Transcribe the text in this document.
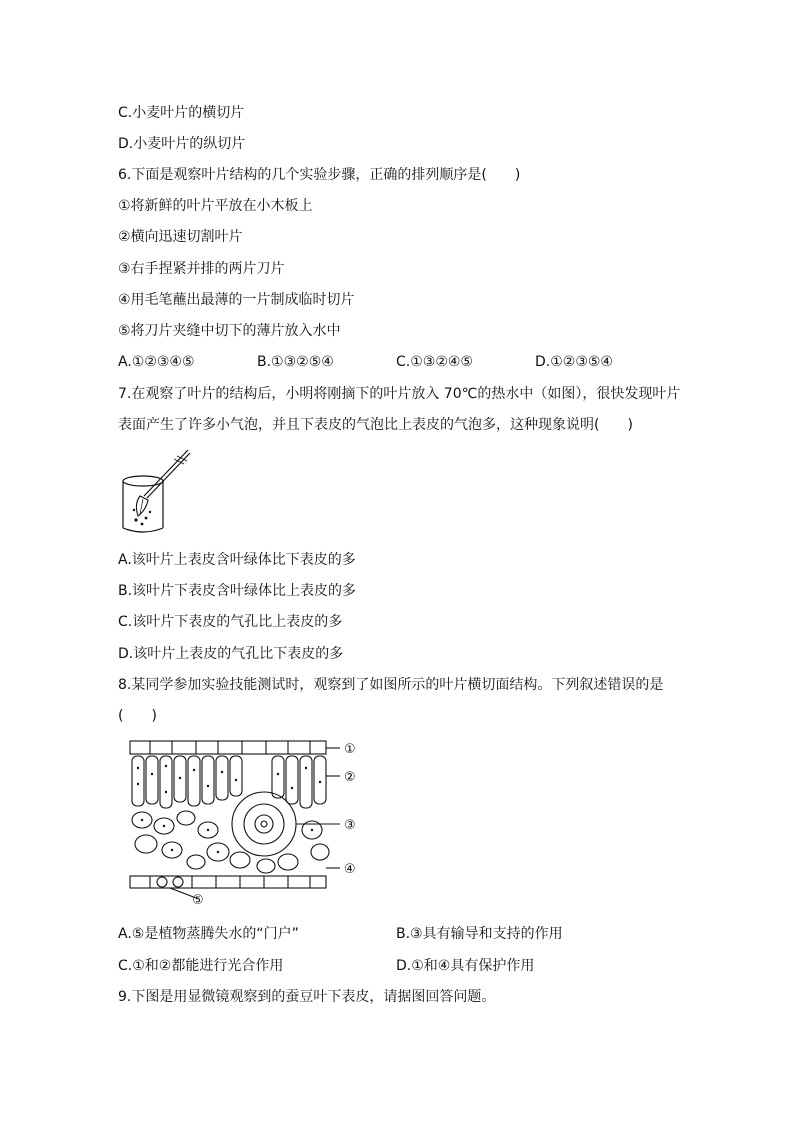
C.小麦叶片的横切片
D.小麦叶片的纵切片
6.下面是观察叶片结构的几个实验步骤，正确的排列顺序是(　　)
①将新鲜的叶片平放在小木板上
②横向迅速切割叶片
③右手捏紧并排的两片刀片
④用毛笔蘸出最薄的一片制成临时切片
⑤将刀片夹缝中切下的薄片放入水中
A.①②③④⑤	B.①③②⑤④	C.①③②④⑤	D.①②③⑤④
7.在观察了叶片的结构后，小明将刚摘下的叶片放入 70℃的热水中（如图），很快发现叶片
表面产生了许多小气泡，并且下表皮的气泡比上表皮的气泡多，这种现象说明(　　)
A.该叶片上表皮含叶绿体比下表皮的多
B.该叶片下表皮含叶绿体比上表皮的多
C.该叶片下表皮的气孔比上表皮的多
D.该叶片上表皮的气孔比下表皮的多
8.某同学参加实验技能测试时，观察到了如图所示的叶片横切面结构。下列叙述错误的是
(　　)
①
②
③
④
⑤
A.⑤是植物蒸腾失水的“门户”	B.③具有输导和支持的作用
C.①和②都能进行光合作用	D.①和④具有保护作用
9.下图是用显微镜观察到的蚕豆叶下表皮，请据图回答问题。
